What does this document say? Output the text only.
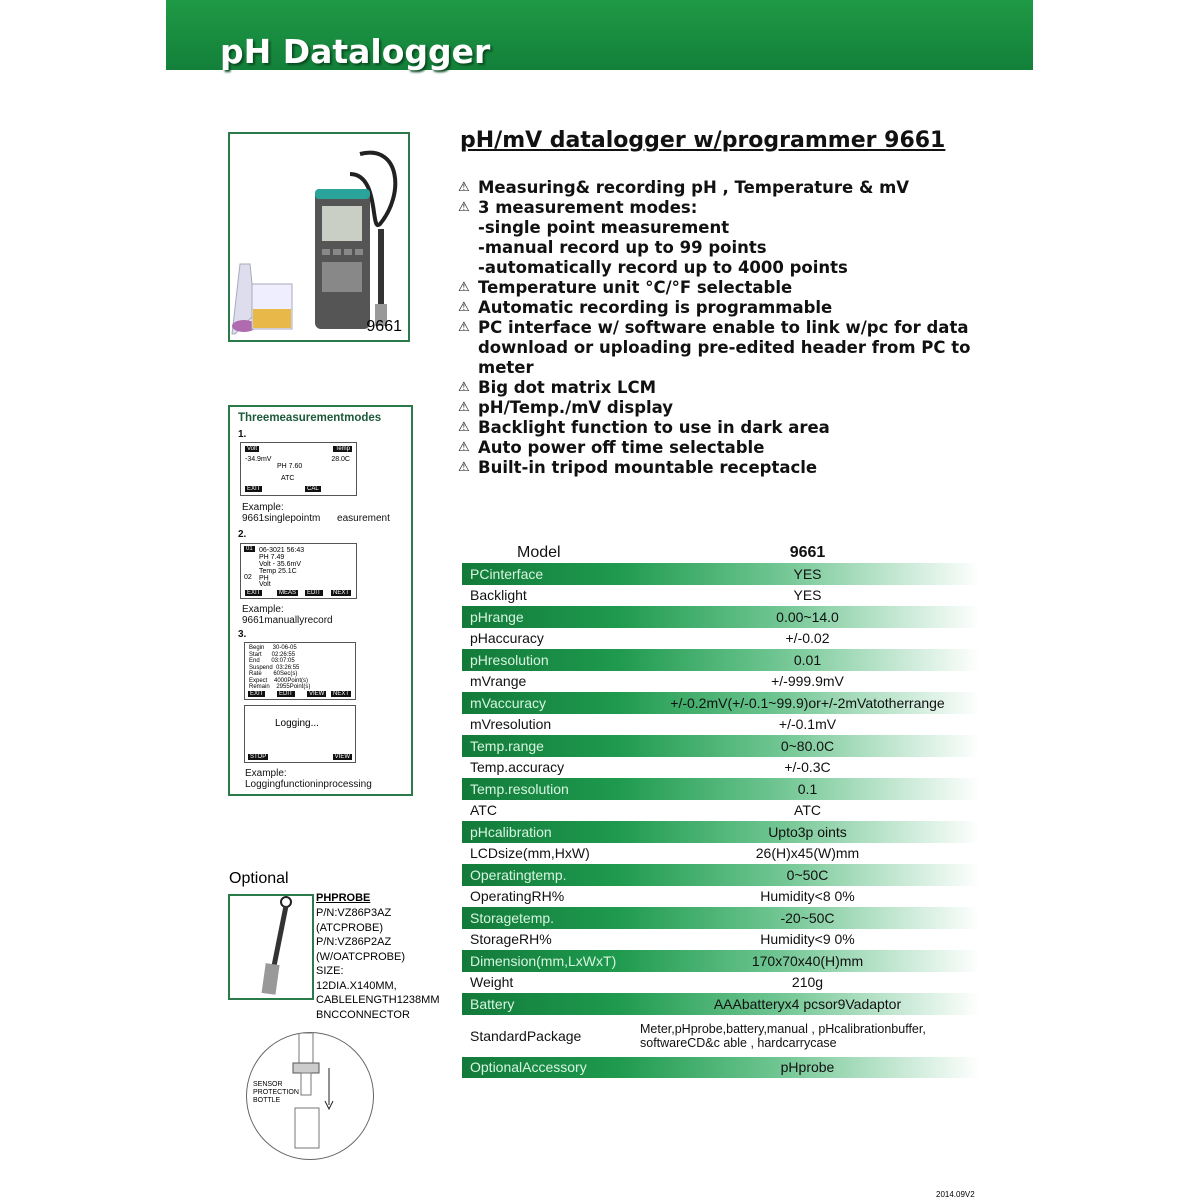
pH Datalogger
9661
pH/mV datalogger w/programmer 9661
⚠ Measuring& recording pH , Temperature & mV
⚠ 3 measurement modes:
-single point measurement
-manual record up to 99 points
-automatically record up to 4000 points
⚠ Temperature unit °C/°F selectable
⚠ Automatic recording is programmable
⚠ PC interface w/ software enable to link w/pc for data
download or uploading pre-edited header from PC to
meter
⚠ Big dot matrix LCM
⚠ pH/Temp./mV display
⚠ Backlight function to use in dark area
⚠ Auto power off time selectable
⚠ Built-in tripod mountable receptacle
Threemeasurementmodes
1.
Volt	Temp
-34.9mV	28.0C
PH 7.60
ATC
EXIT	CAL
Example:
9661singlepointm      easurement
2.
01 06-3021 56:43
PH 7.49
Volt - 35.6mV
Temp 25.1C
02 PH
Volt
EXIT	MEAS	EDIT	NEXT
Example:
9661manuallyrecord
3.
Begin     30-06-05
Start      02:26:55
End       03:07:05
Suspend  03:26:55
Rate       60Sec(s)
Expect    4000Point(s)
Remain    2955Point(s)
EXIT	EDIT	VIEW	NEXT
Logging...
STOP	VIEW
Example:
Loggingfunctioninprocessing
Optional
PHPROBE
P/N:VZ86P3AZ
(ATCPROBE)
P/N:VZ86P2AZ
(W/OATCPROBE)
SIZE:
12DIA.X140MM,
CABLELENGTH1238MM
BNCCONNECTOR
SENSOR
PROTECTION
BOTTLE
Model	9661
PCinterface	YES
Backlight	YES
pHrange	0.00~14.0
pHaccuracy	+/-0.02
pHresolution	0.01
mVrange	+/-999.9mV
mVaccuracy	+/-0.2mV(+/-0.1~99.9)or+/-2mVatotherrange
mVresolution	+/-0.1mV
Temp.range	0~80.0C
Temp.accuracy	+/-0.3C
Temp.resolution	0.1
ATC	ATC
pHcalibration	Upto3p oints
LCDsize(mm,HxW)	26(H)x45(W)mm
Operatingtemp.	0~50C
OperatingRH%	Humidity<8 0%
Storagetemp.	-20~50C
StorageRH%	Humidity<9 0%
Dimension(mm,LxWxT)	170x70x40(H)mm
Weight	210g
Battery	AAAbatteryx4 pcsor9Vadaptor
StandardPackage	Meter,pHprobe,battery,manual , pHcalibrationbuffer, softwareCD&c able , hardcarrycase
OptionalAccessory	pHprobe
2014.09V2
